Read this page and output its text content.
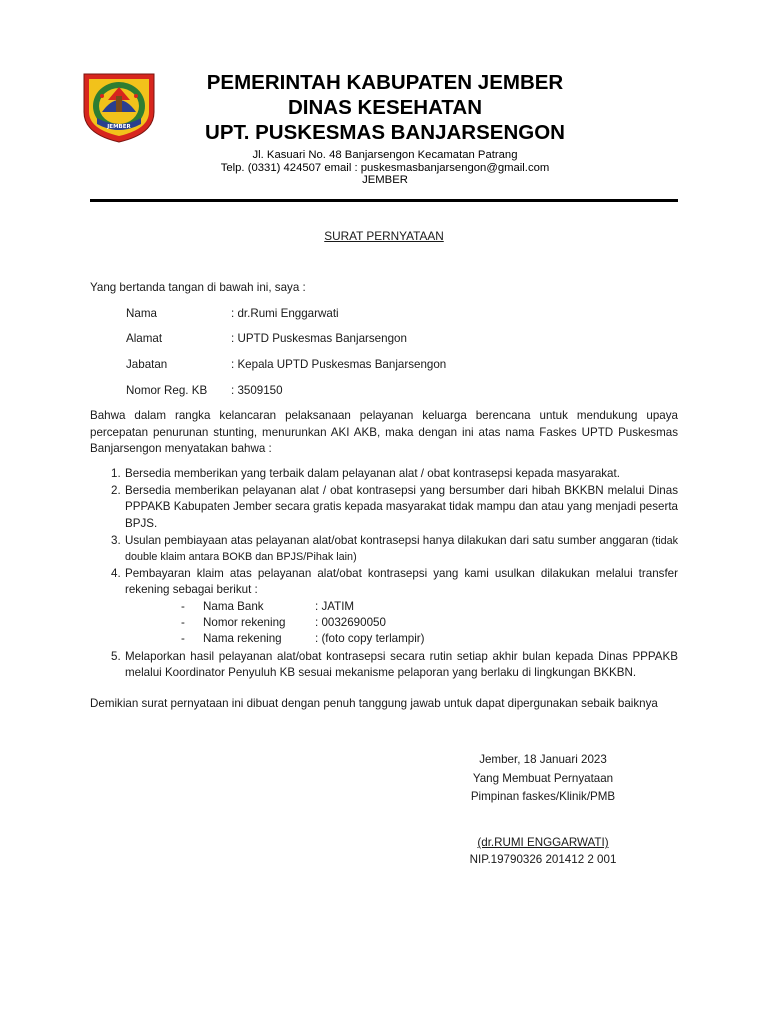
JEMBER
PEMERINTAH KABUPATEN JEMBER
DINAS KESEHATAN
UPT. PUSKESMAS BANJARSENGON
Jl. Kasuari No. 48 Banjarsengon Kecamatan Patrang
Telp. (0331) 424507 email : puskesmasbanjarsengon@gmail.com
JEMBER
SURAT PERNYATAAN
Yang bertanda tangan di bawah ini, saya :
Nama	: dr.Rumi Enggarwati
Alamat	: UPTD Puskesmas Banjarsengon
Jabatan	: Kepala UPTD Puskesmas Banjarsengon
Nomor Reg. KB : 3509150
Bahwa dalam rangka kelancaran pelaksanaan pelayanan keluarga berencana untuk mendukung upaya percepatan penurunan stunting, menurunkan AKI AKB, maka dengan ini atas nama Faskes UPTD Puskesmas Banjarsengon menyatakan bahwa :
1. Bersedia memberikan yang terbaik dalam pelayanan alat / obat kontrasepsi kepada masyarakat.
2. Bersedia memberikan pelayanan alat / obat kontrasepsi yang bersumber dari hibah BKKBN melalui Dinas PPPAKB Kabupaten Jember secara gratis kepada masyarakat tidak mampu dan atau yang menjadi peserta BPJS.
3. Usulan pembiayaan atas pelayanan alat/obat kontrasepsi hanya dilakukan dari satu sumber anggaran (tidak double klaim antara BOKB dan BPJS/Pihak lain)
4. Pembayaran klaim atas pelayanan alat/obat kontrasepsi yang kami usulkan dilakukan melalui transfer rekening sebagai berikut :
- Nama Bank	: JATIM
- Nomor rekening	: 0032690050
- Nama rekening	: (foto copy terlampir)
5. Melaporkan hasil pelayanan alat/obat kontrasepsi secara rutin setiap akhir bulan kepada Dinas PPPAKB melalui Koordinator Penyuluh KB sesuai mekanisme pelaporan yang berlaku di lingkungan BKKBN.
Demikian surat pernyataan ini dibuat dengan penuh tanggung jawab untuk dapat dipergunakan sebaik baiknya
Jember, 18 Januari 2023
Yang Membuat Pernyataan
Pimpinan faskes/Klinik/PMB
(dr.RUMI ENGGARWATI)
NIP.19790326 201412 2 001
